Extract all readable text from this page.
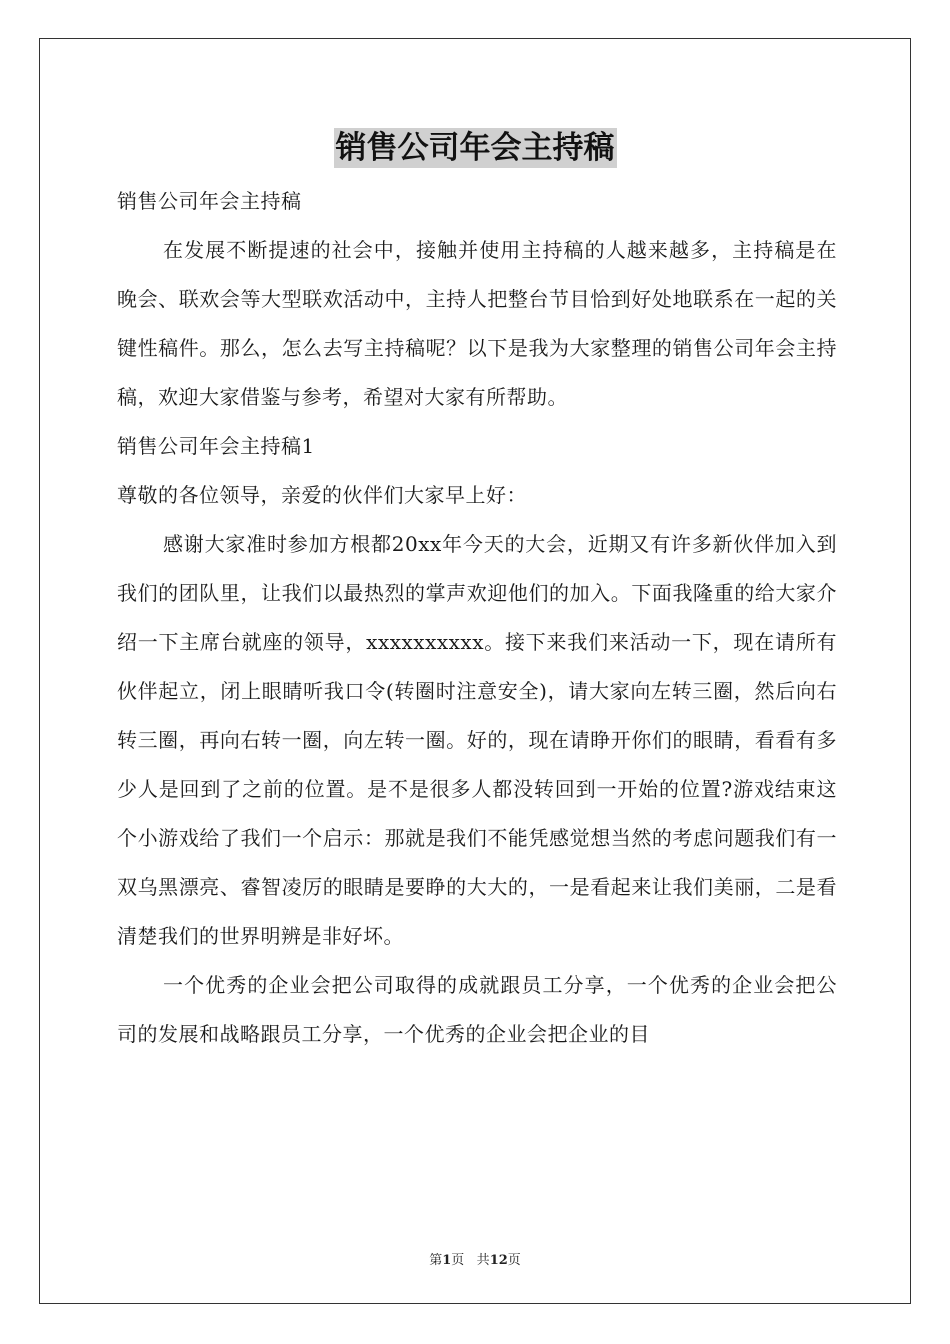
销售公司年会主持稿

销售公司年会主持稿

在发展不断提速的社会中，接触并使用主持稿的人越来越多，主持稿是在晚会、联欢会等大型联欢活动中，主持人把整台节目恰到好处地联系在一起的关键性稿件。那么，怎么去写主持稿呢？以下是我为大家整理的销售公司年会主持稿，欢迎大家借鉴与参考，希望对大家有所帮助。

销售公司年会主持稿1

尊敬的各位领导，亲爱的伙伴们大家早上好：

感谢大家准时参加方根都20xx年今天的大会，近期又有许多新伙伴加入到我们的团队里，让我们以最热烈的掌声欢迎他们的加入。下面我隆重的给大家介绍一下主席台就座的领导，xxxxxxxxxx。接下来我们来活动一下，现在请所有伙伴起立，闭上眼睛听我口令(转圈时注意安全)，请大家向左转三圈，然后向右转三圈，再向右转一圈，向左转一圈。好的，现在请睁开你们的眼睛，看看有多少人是回到了之前的位置。是不是很多人都没转回到一开始的位置?游戏结束这个小游戏给了我们一个启示：那就是我们不能凭感觉想当然的考虑问题我们有一双乌黑漂亮、睿智凌厉的眼睛是要睁的大大的，一是看起来让我们美丽，二是看清楚我们的世界明辨是非好坏。

一个优秀的企业会把公司取得的成就跟员工分享，一个优秀的企业会把公司的发展和战略跟员工分享，一个优秀的企业会把企业的目

第1页 共12页
